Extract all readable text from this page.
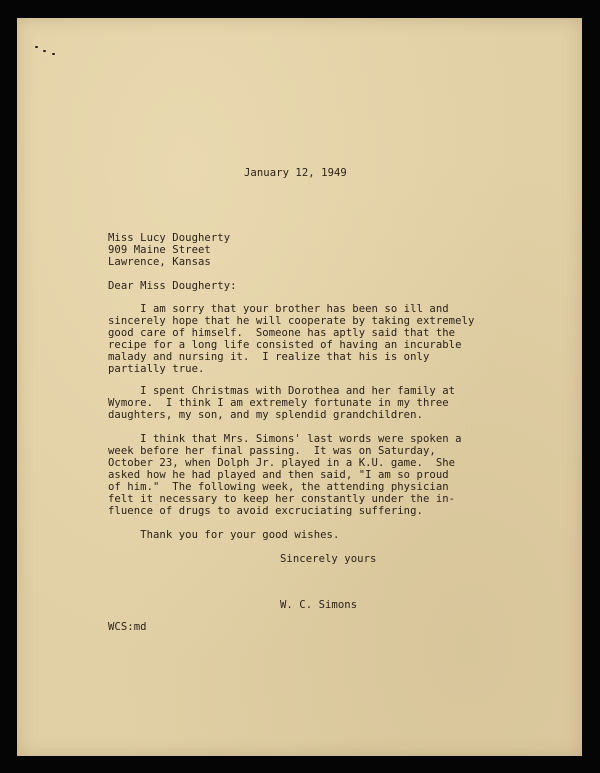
January 12, 1949

Miss Lucy Dougherty

909 Maine Street

Lawrence, Kansas

Dear Miss Dougherty:

I am sorry that your brother has been so ill and

sincerely hope that he will cooperate by taking extremely

good care of himself.  Someone has aptly said that the

recipe for a long life consisted of having an incurable

malady and nursing it.  I realize that his is only

partially true.

I spent Christmas with Dorothea and her family at

Wymore.  I think I am extremely fortunate in my three

daughters, my son, and my splendid grandchildren.

I think that Mrs. Simons' last words were spoken a

week before her final passing.  It was on Saturday,

October 23, when Dolph Jr. played in a K.U. game.  She

asked how he had played and then said, "I am so proud

of him."  The following week, the attending physician

felt it necessary to keep her constantly under the in-

fluence of drugs to avoid excruciating suffering.

Thank you for your good wishes.

Sincerely yours

W. C. Simons

WCS:md
